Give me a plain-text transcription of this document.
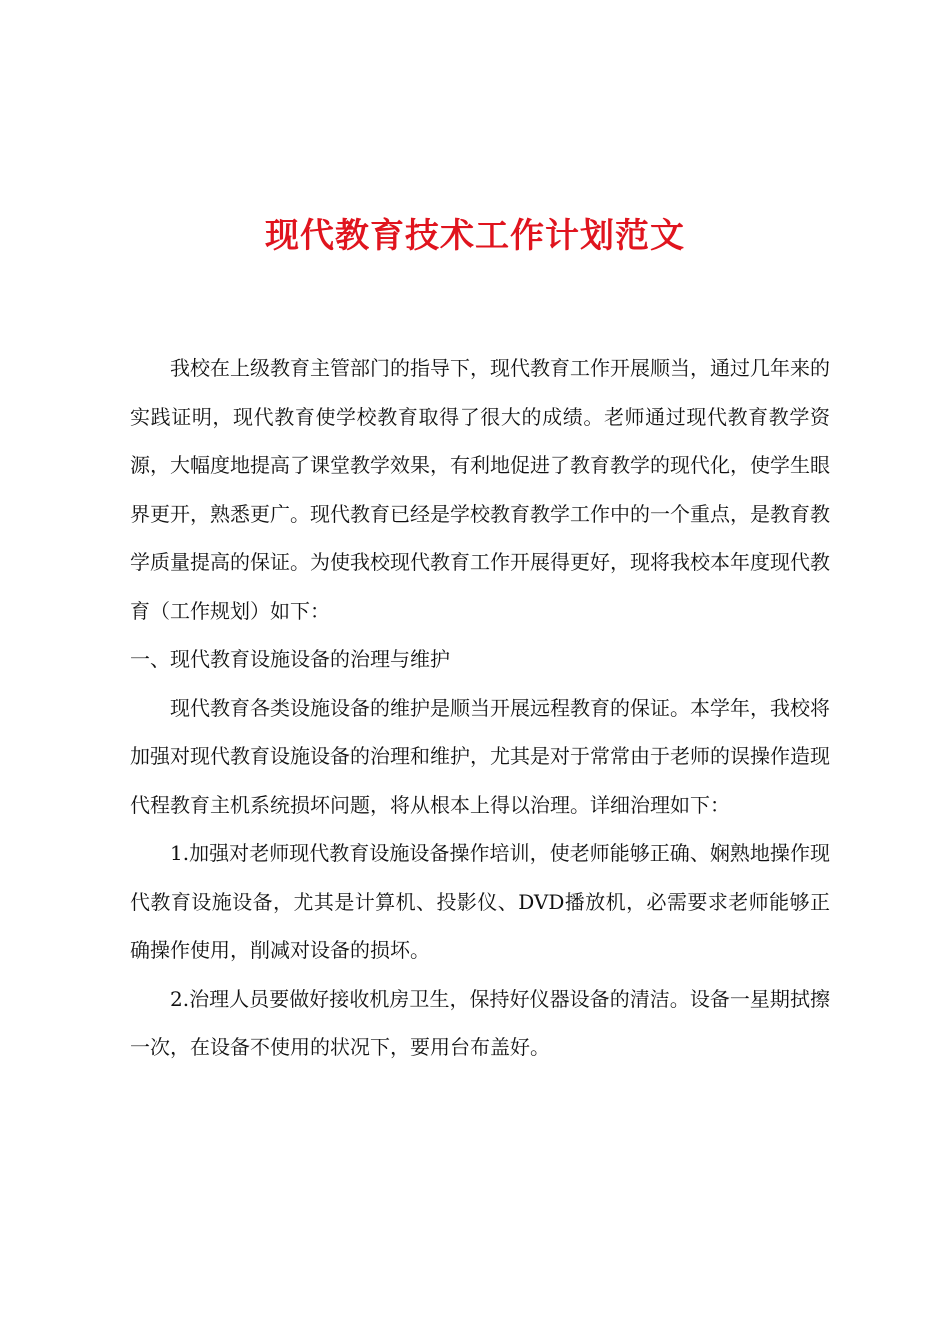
现代教育技术工作计划范文

我校在上级教育主管部门的指导下，现代教育工作开展顺当，通过几年来的实践证明，现代教育使学校教育取得了很大的成绩。老师通过现代教育教学资源，大幅度地提高了课堂教学效果，有利地促进了教育教学的现代化，使学生眼界更开，熟悉更广。现代教育已经是学校教育教学工作中的一个重点，是教育教学质量提高的保证。为使我校现代教育工作开展得更好，现将我校本年度现代教育（工作规划）如下：

一、现代教育设施设备的治理与维护

现代教育各类设施设备的维护是顺当开展远程教育的保证。本学年，我校将加强对现代教育设施设备的治理和维护，尤其是对于常常由于老师的误操作造现代程教育主机系统损坏问题，将从根本上得以治理。详细治理如下：

1.加强对老师现代教育设施设备操作培训，使老师能够正确、娴熟地操作现代教育设施设备，尤其是计算机、投影仪、DVD播放机，必需要求老师能够正确操作使用，削减对设备的损坏。

2.治理人员要做好接收机房卫生，保持好仪器设备的清洁。设备一星期拭擦一次，在设备不使用的状况下，要用台布盖好。
